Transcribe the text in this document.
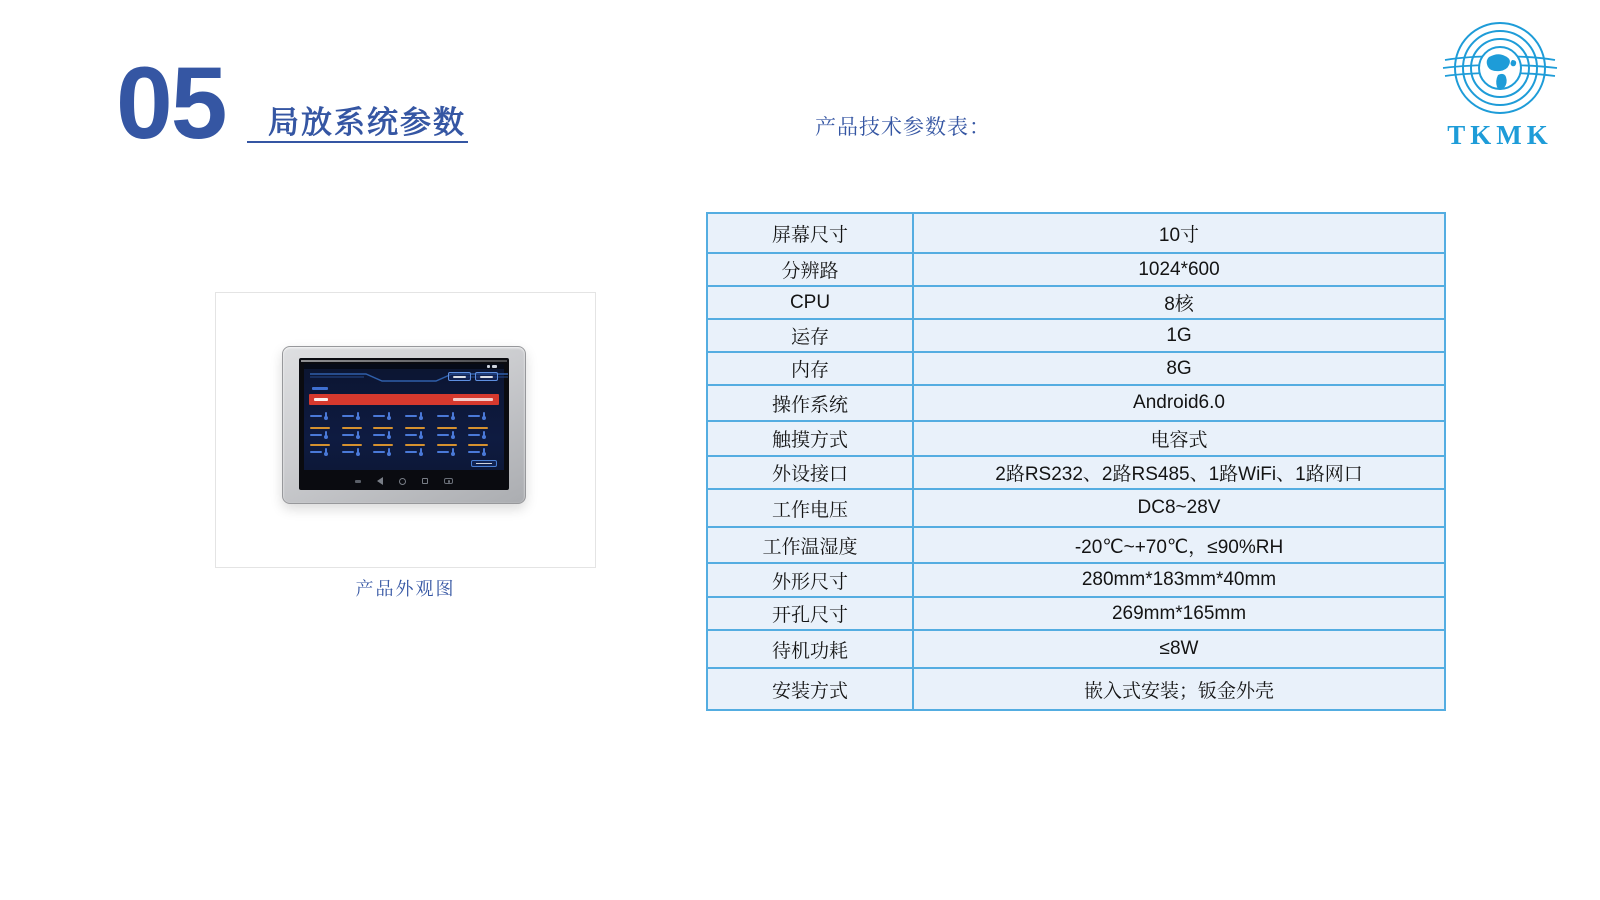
05 局放系统参数	产品技术参数表：	TKMK
产品外观图
屏幕尺寸	10寸
分辨路	1024*600
CPU	8核
运存	1G
内存	8G
操作系统	Android6.0
触摸方式	电容式
外设接口	2路RS232、2路RS485、1路WiFi、1路网口
工作电压	DC8~28V
工作温湿度	-20℃~+70℃，≤90%RH
外形尺寸	280mm*183mm*40mm
开孔尺寸	269mm*165mm
待机功耗	≤8W
安装方式	嵌入式安装；钣金外壳
